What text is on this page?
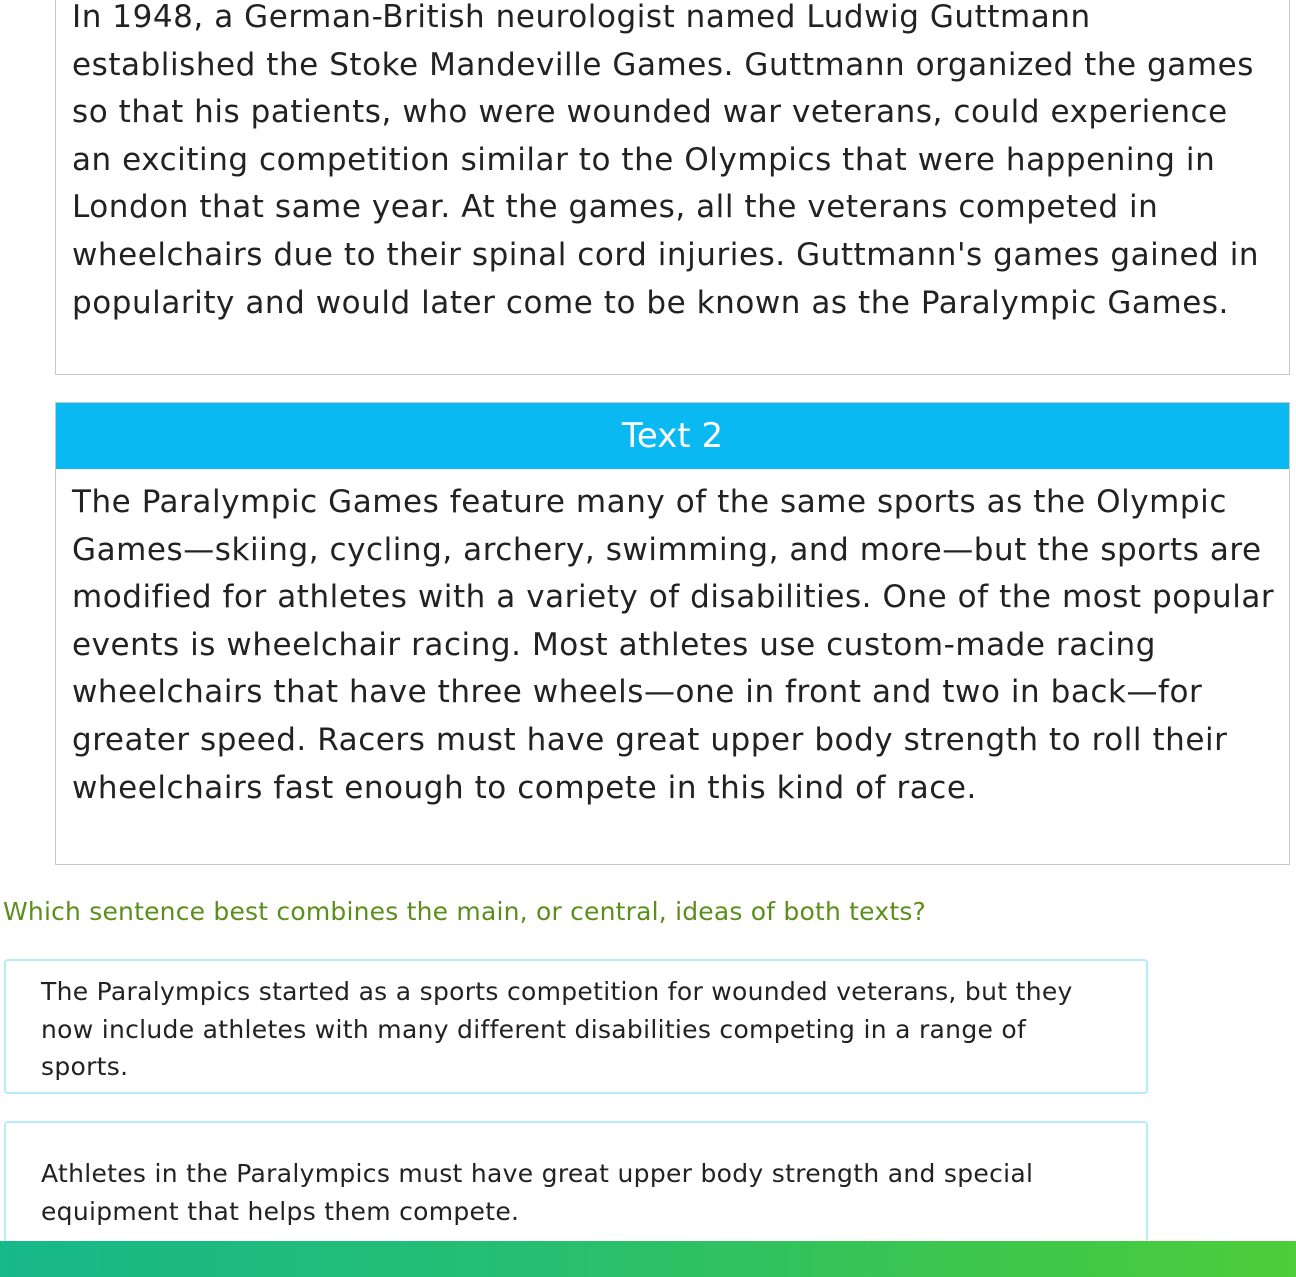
In 1948, a German-British neurologist named Ludwig Guttmann established the Stoke Mandeville Games. Guttmann organized the games so that his patients, who were wounded war veterans, could experience an exciting competition similar to the Olympics that were happening in London that same year. At the games, all the veterans competed in wheelchairs due to their spinal cord injuries. Guttmann's games gained in popularity and would later come to be known as the Paralympic Games.

Text 2

The Paralympic Games feature many of the same sports as the Olympic Games—skiing, cycling, archery, swimming, and more—but the sports are modified for athletes with a variety of disabilities. One of the most popular events is wheelchair racing. Most athletes use custom-made racing wheelchairs that have three wheels—one in front and two in back—for greater speed. Racers must have great upper body strength to roll their wheelchairs fast enough to compete in this kind of race.

Which sentence best combines the main, or central, ideas of both texts?

The Paralympics started as a sports competition for wounded veterans, but they now include athletes with many different disabilities competing in a range of sports.

Athletes in the Paralympics must have great upper body strength and special equipment that helps them compete.
